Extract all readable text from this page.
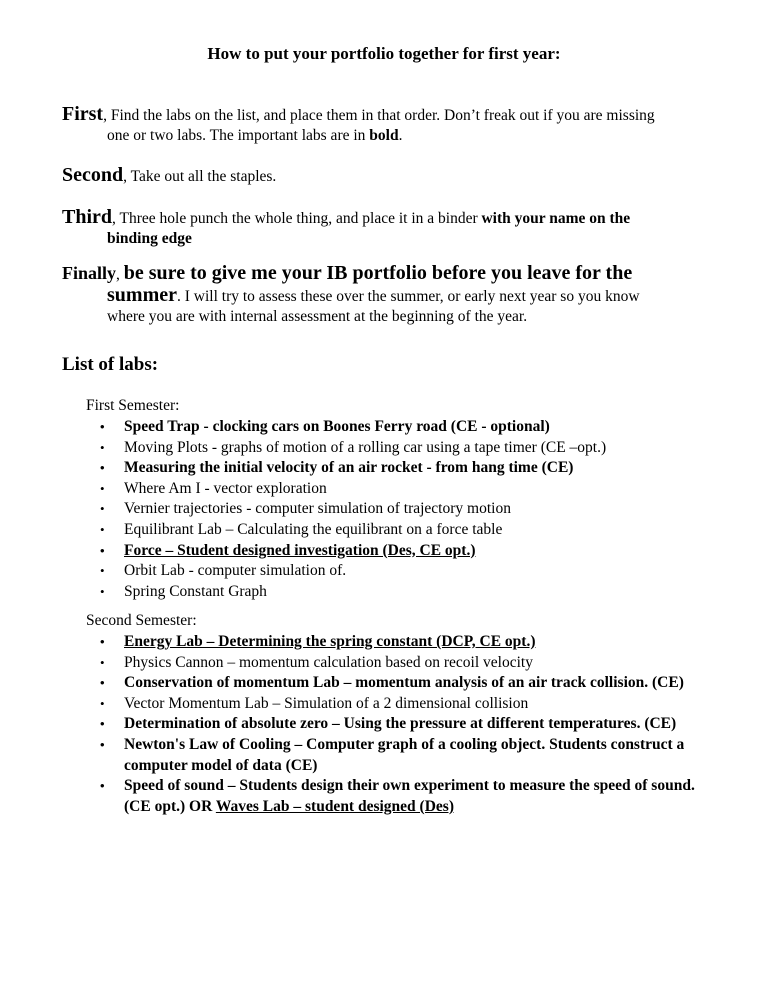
How to put your portfolio together for first year:
First, Find the labs on the list, and place them in that order. Don’t freak out if you are missing
one or two labs. The important labs are in bold.
Second, Take out all the staples.
Third, Three hole punch the whole thing, and place it in a binder with your name on the
binding edge
Finally, be sure to give me your IB portfolio before you leave for the
summer. I will try to assess these over the summer, or early next year so you know
where you are with internal assessment at the beginning of the year.
List of labs:
First Semester:
• Speed Trap - clocking cars on Boones Ferry road (CE - optional)
• Moving Plots - graphs of motion of a rolling car using a tape timer (CE –opt.)
• Measuring the initial velocity of an air rocket - from hang time (CE)
• Where Am I - vector exploration
• Vernier trajectories - computer simulation of trajectory motion
• Equilibrant Lab – Calculating the equilibrant on a force table
• Force – Student designed investigation (Des, CE opt.)
• Orbit Lab - computer simulation of.
• Spring Constant Graph
Second Semester:
• Energy Lab – Determining the spring constant (DCP, CE opt.)
• Physics Cannon – momentum calculation based on recoil velocity
• Conservation of momentum Lab – momentum analysis of an air track collision. (CE)
• Vector Momentum Lab – Simulation of a 2 dimensional collision
• Determination of absolute zero – Using the pressure at different temperatures. (CE)
• Newton's Law of Cooling – Computer graph of a cooling object. Students construct a computer model of data (CE)
• Speed of sound – Students design their own experiment to measure the speed of sound. (CE opt.) OR Waves Lab – student designed (Des)
